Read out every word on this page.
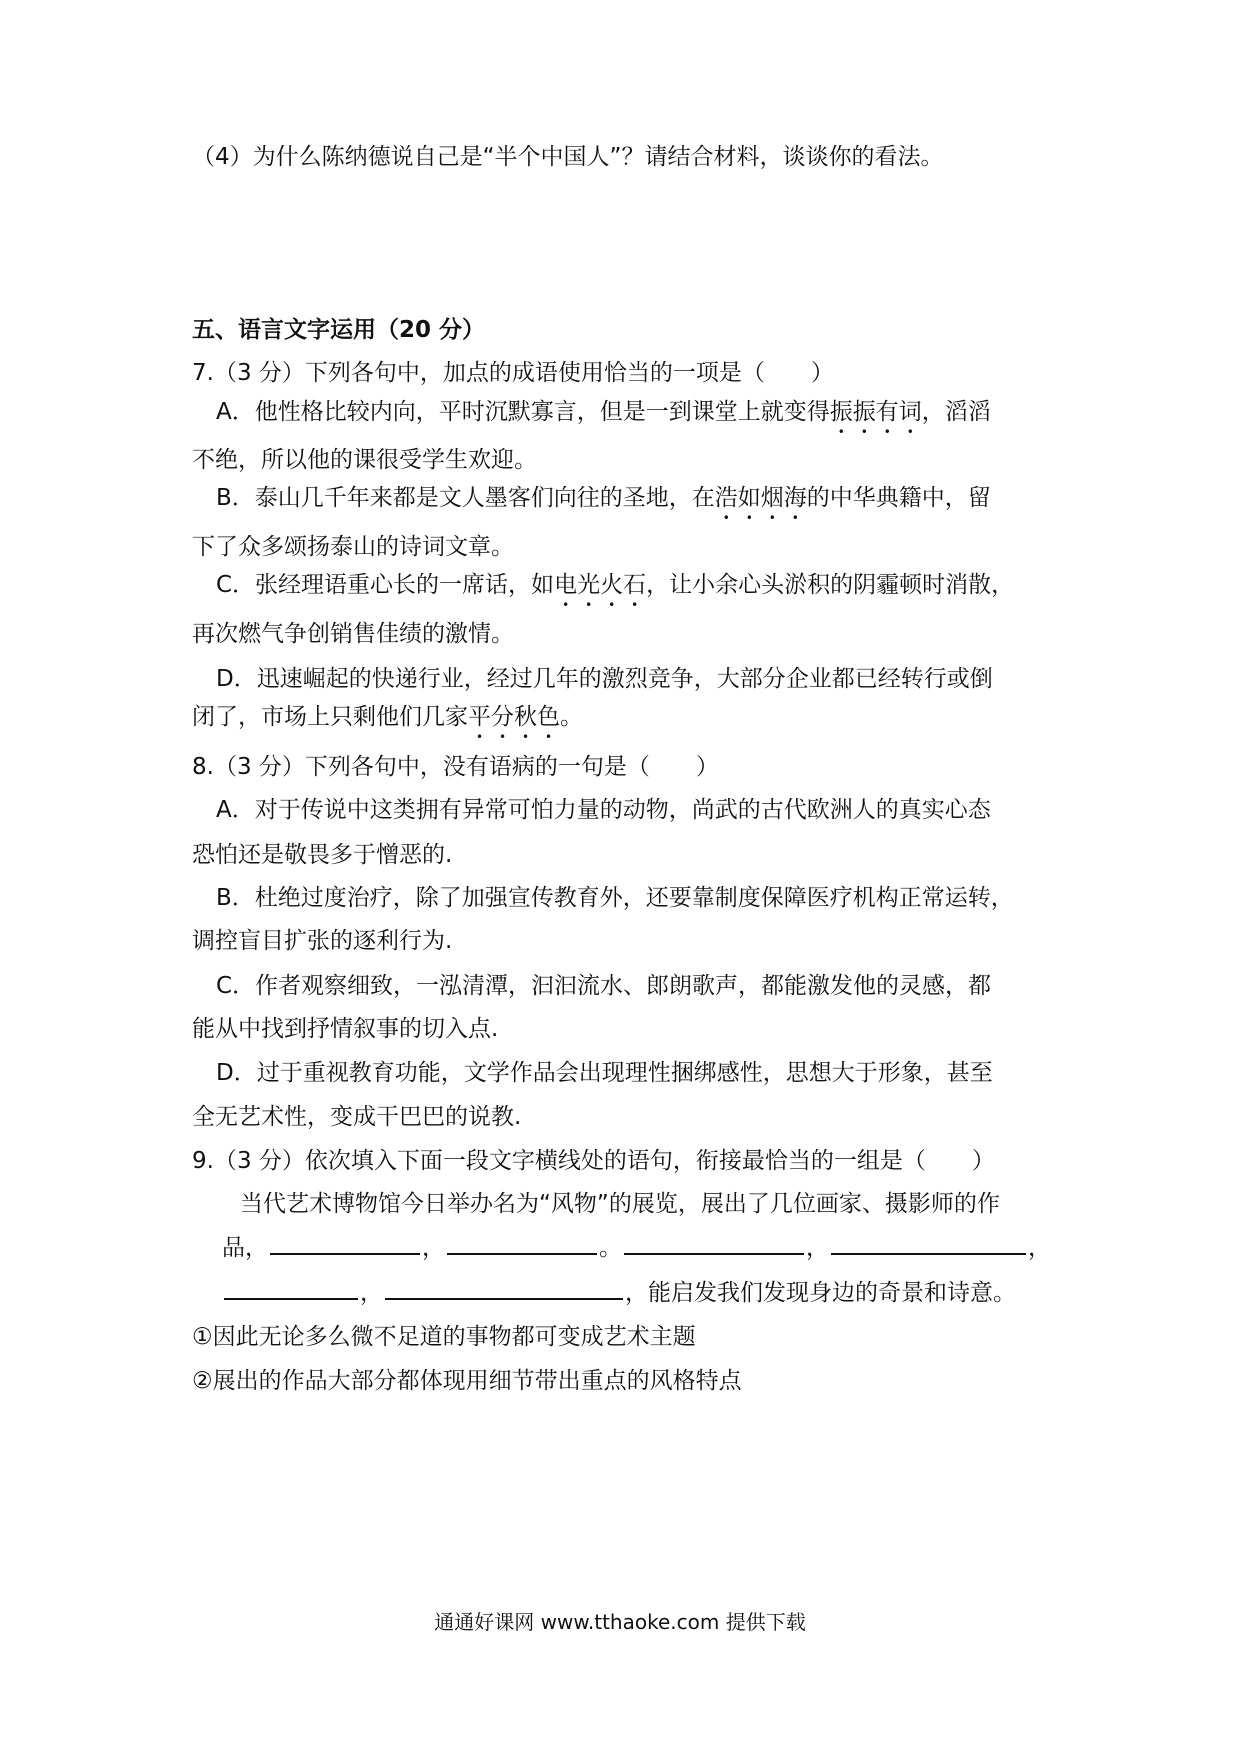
（4）为什么陈纳德说自己是“半个中国人”？请结合材料，谈谈你的看法。
五、语言文字运用（20 分）
7.（3 分）下列各句中，加点的成语使用恰当的一项是（　　）
A．他性格比较内向，平时沉默寡言，但是一到课堂上就变得振振有词，滔滔
不绝，所以他的课很受学生欢迎。
B．泰山几千年来都是文人墨客们向往的圣地，在浩如烟海的中华典籍中，留
下了众多颂扬泰山的诗词文章。
C．张经理语重心长的一席话，如电光火石，让小余心头淤积的阴霾顿时消散，
再次燃气争创销售佳绩的激情。
D．迅速崛起的快递行业，经过几年的激烈竞争，大部分企业都已经转行或倒
闭了，市场上只剩他们几家平分秋色。
8.（3 分）下列各句中，没有语病的一句是（　　）
A．对于传说中这类拥有异常可怕力量的动物，尚武的古代欧洲人的真实心态
恐怕还是敬畏多于憎恶的.
B．杜绝过度治疗，除了加强宣传教育外，还要靠制度保障医疗机构正常运转，
调控盲目扩张的逐利行为.
C．作者观察细致，一泓清潭，汩汩流水、郎朗歌声，都能激发他的灵感，都
能从中找到抒情叙事的切入点.
D．过于重视教育功能，文学作品会出现理性捆绑感性，思想大于形象，甚至
全无艺术性，变成干巴巴的说教.
9.（3 分）依次填入下面一段文字横线处的语句，衔接最恰当的一组是（　　）
当代艺术博物馆今日举办名为“风物”的展览，展出了几位画家、摄影师的作
品，	，	。	，	，
，	，能启发我们发现身边的奇景和诗意。
①因此无论多么微不足道的事物都可变成艺术主题
②展出的作品大部分都体现用细节带出重点的风格特点
通通好课网 www.tthaoke.com 提供下载
